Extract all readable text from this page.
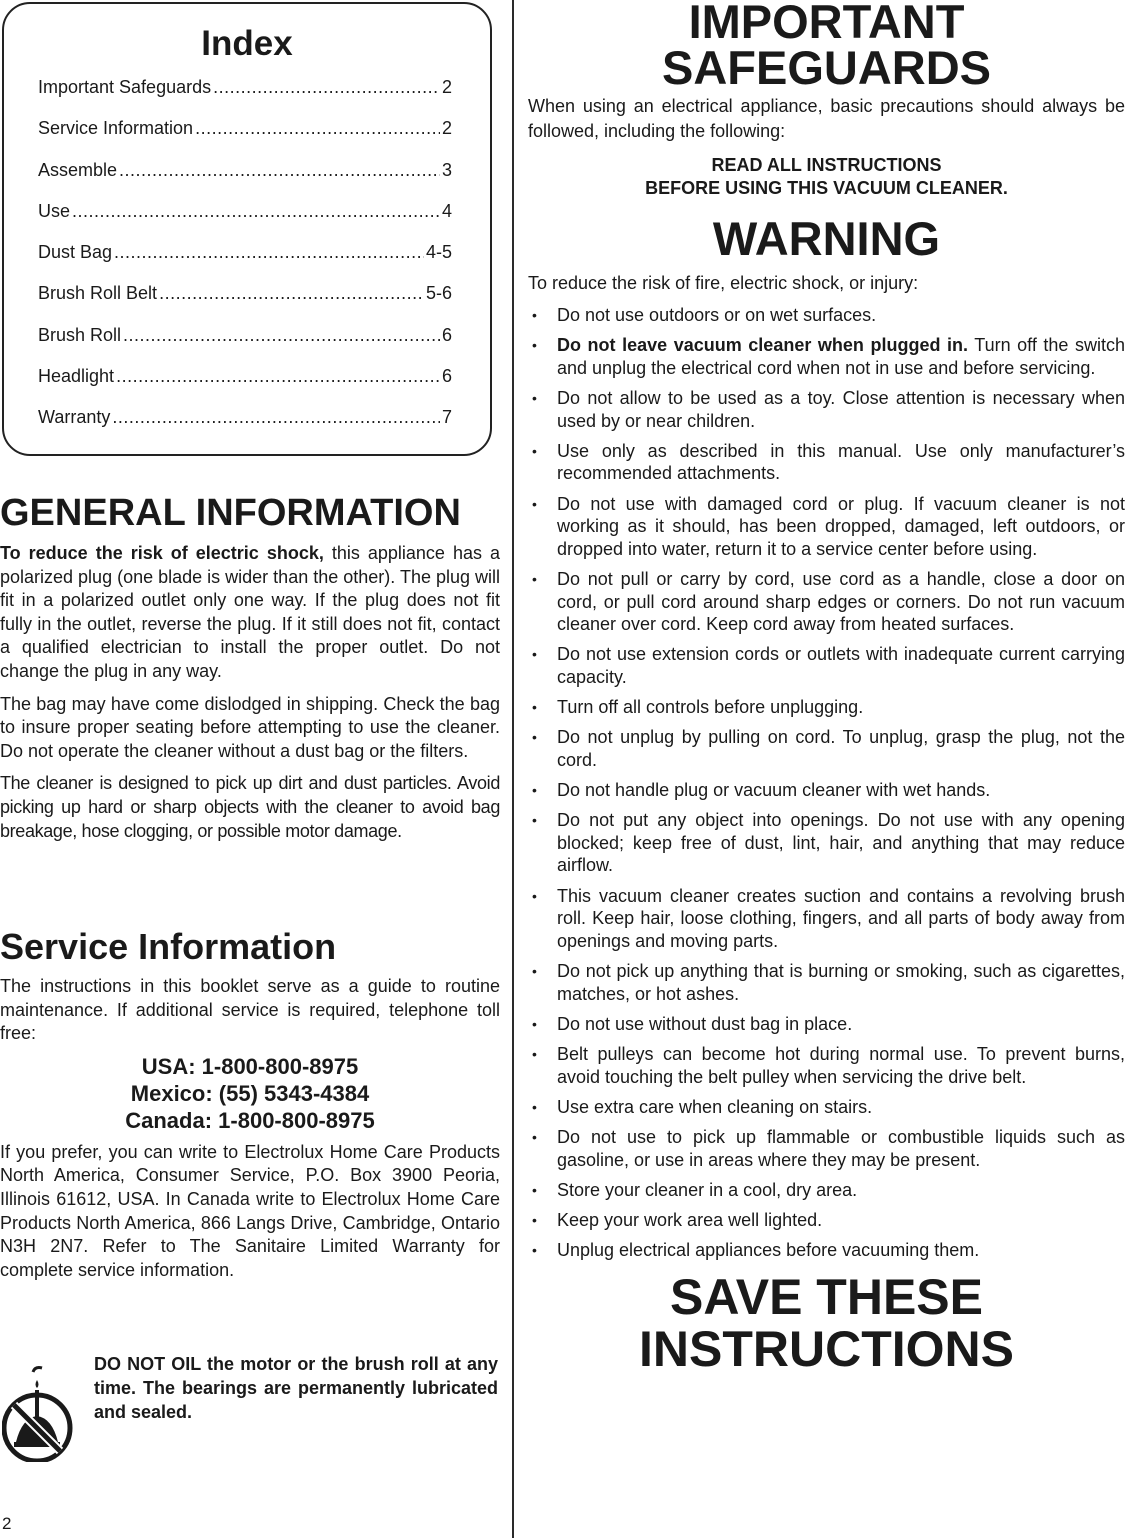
Index
Important Safeguards .....	2
Service Information .....	2
Assemble .....	3
Use .....	4
Dust Bag .....	4-5
Brush Roll Belt .....	5-6
Brush Roll .....	6
Headlight .....	6
Warranty .....	7
GENERAL INFORMATION

To reduce the risk of electric shock, this appliance has a polarized plug (one blade is wider than the other). The plug will fit in a polarized outlet only one way. If the plug does not fit fully in the outlet, reverse the plug. If it still does not fit, contact a qualified electrician to install the proper outlet. Do not change the plug in any way.

The bag may have come dislodged in shipping. Check the bag to insure proper seating before attempting to use the cleaner. Do not operate the cleaner without a dust bag or the filters.

The cleaner is designed to pick up dirt and dust particles. Avoid picking up hard or sharp objects with the cleaner to avoid bag breakage, hose clogging, or possible motor damage.

Service Information

The instructions in this booklet serve as a guide to routine maintenance. If additional service is required, telephone toll free:

USA: 1-800-800-8975
Mexico: (55) 5343-4384
Canada: 1-800-800-8975

If you prefer, you can write to Electrolux Home Care Products North America, Consumer Service, P.O. Box 3900 Peoria, Illinois 61612, USA. In Canada write to Electrolux Home Care Products North America, 866 Langs Drive, Cambridge, Ontario N3H 2N7. Refer to The Sanitaire Limited Warranty for complete service information.

DO NOT OIL the motor or the brush roll at any time. The bearings are permanently lubricated and sealed.
2
IMPORTANT
SAFEGUARDS

When using an electrical appliance, basic precautions should always be followed, including the following:

READ ALL INSTRUCTIONS
BEFORE USING THIS VACUUM CLEANER.
WARNING

To reduce the risk of fire, electric shock, or injury:

• Do not use outdoors or on wet surfaces.
• Do not leave vacuum cleaner when plugged in. Turn off the switch and unplug the electrical cord when not in use and before servicing.
• Do not allow to be used as a toy. Close attention is necessary when used by or near children.
• Use only as described in this manual. Use only manufacturer’s recommended attachments.
• Do not use with damaged cord or plug. If vacuum cleaner is not working as it should, has been dropped, damaged, left outdoors, or dropped into water, return it to a service center before using.
• Do not pull or carry by cord, use cord as a handle, close a door on cord, or pull cord around sharp edges or corners. Do not run vacuum cleaner over cord. Keep cord away from heated surfaces.
• Do not use extension cords or outlets with inadequate current carrying capacity.
• Turn off all controls before unplugging.
• Do not unplug by pulling on cord. To unplug, grasp the plug, not the cord.
• Do not handle plug or vacuum cleaner with wet hands.
• Do not put any object into openings. Do not use with any opening blocked; keep free of dust, lint, hair, and anything that may reduce airflow.
• This vacuum cleaner creates suction and contains a revolving brush roll. Keep hair, loose clothing, fingers, and all parts of body away from openings and moving parts.
• Do not pick up anything that is burning or smoking, such as cigarettes, matches, or hot ashes.
• Do not use without dust bag in place.
• Belt pulleys can become hot during normal use. To prevent burns, avoid touching the belt pulley when servicing the drive belt.
• Use extra care when cleaning on stairs.
• Do not use to pick up flammable or combustible liquids such as gasoline, or use in areas where they may be present.
• Store your cleaner in a cool, dry area.
• Keep your work area well lighted.
• Unplug electrical appliances before vacuuming them.
SAVE THESE
INSTRUCTIONS
